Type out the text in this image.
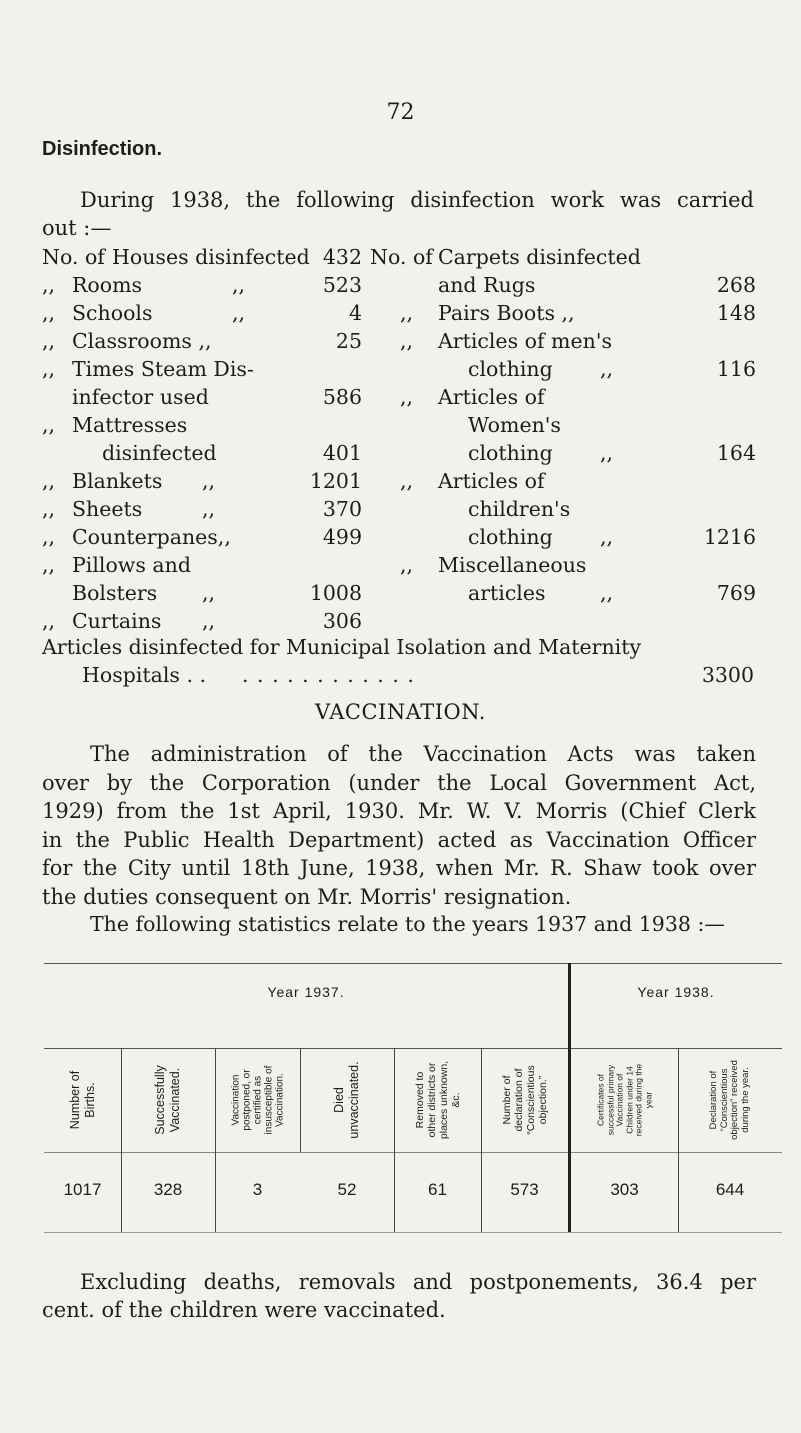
72
Disinfection.
During 1938, the following disinfection work was carried
out :—
No. of Houses disinfected 432
,, Rooms	,,	523
,, Schools	,,	4
,, Classrooms ,,	25
,, Times Steam Dis-
infector used	586
,, Mattresses
disinfected	401
,, Blankets ,,	1201
,, Sheets	,,	370
,, Counterpanes,,	499
,, Pillows and
Bolsters ,,	1008
,, Curtains ,,	306
No. of Carpets disinfected
and Rugs	268
,, Pairs Boots ,,	148
,, Articles of men's
clothing ,,	116
,, Articles of
Women's
clothing ,,	164
,, Articles of
children's
clothing ,,	1216
,, Miscellaneous
articles	,,	769
Articles disinfected for Municipal Isolation and Maternity
Hospitals . . . . . . . . . . . . . .	3300
VACCINATION.
The administration of the Vaccination Acts was taken
over by the Corporation (under the Local Government Act,
1929) from the 1st April, 1930. Mr. W. V. Morris (Chief Clerk
in the Public Health Department) acted as Vaccination Officer
for the City until 18th June, 1938, when Mr. R. Shaw took over
the duties consequent on Mr. Morris' resignation.
The following statistics relate to the years 1937 and 1938 :—
Year 1937.	Year 1938.
Number of Births.	Successfully Vaccinated.	Vaccination postponed, or certified as insusceptible of Vaccination.	Died unvaccinated.	Removed to other districts or places unknown, &c.	Number of declaration of “Conscientious objection.”	Certificates of successful primary Vaccination of Children under 14 received during the year	Declaration of “Conscientious objection” received during the year.
1017	328	3	52	61	573	303	644
Excluding deaths, removals and postponements, 36.4 per
cent. of the children were vaccinated.
